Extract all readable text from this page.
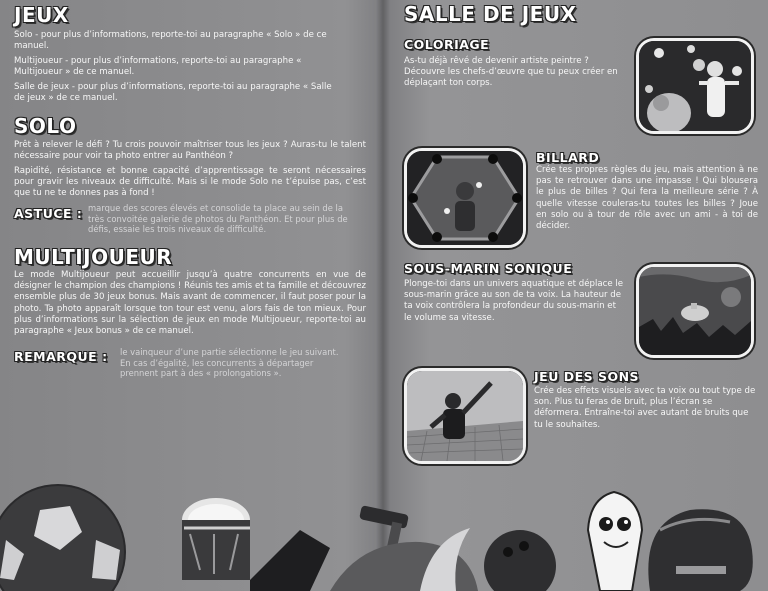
JEUX
Solo - pour plus d’informations, reporte-toi au paragraphe « Solo » de ce manuel.
Multijoueur - pour plus d’informations, reporte-toi au paragraphe « Multijoueur » de ce manuel.
Salle de jeux - pour plus d’informations, reporte-toi au paragraphe « Salle de jeux » de ce manuel.
SOLO
Prêt à relever le défi ? Tu crois pouvoir maîtriser tous les jeux ? Auras-tu le talent nécessaire pour voir ta photo entrer au Panthéon ?
Rapidité, résistance et bonne capacité d’apprentissage te seront nécessaires pour gravir les niveaux de difficulté. Mais si le mode Solo ne t’épuise pas, c’est que tu ne te donnes pas à fond !
ASTUCE : marque des scores élevés et consolide ta place au sein de la très convoitée galerie de photos du Panthéon. Et pour plus de défis, essaie les trois niveaux de difficulté.
MULTIJOUEUR
Le mode Multijoueur peut accueillir jusqu’à quatre concurrents en vue de désigner le champion des champions ! Réunis tes amis et ta famille et découvrez ensemble plus de 30 jeux bonus. Mais avant de commencer, il faut poser pour la photo. Ta photo apparaît lorsque ton tour est venu, alors fais de ton mieux. Pour plus d’informations sur la sélection de jeux en mode Multijoueur, reporte-toi au paragraphe « Jeux bonus » de ce manuel.
REMARQUE : le vainqueur d’une partie sélectionne le jeu suivant. En cas d’égalité, les concurrents à départager prennent part à des « prolongations ».
SALLE DE JEUX
COLORIAGE
As-tu déjà rêvé de devenir artiste peintre ? Découvre les chefs-d’œuvre que tu peux créer en déplaçant ton corps.
BILLARD
Crée tes propres règles du jeu, mais attention à ne pas te retrouver dans une impasse ! Qui blousera le plus de billes ? Qui fera la meilleure série ? À quelle vitesse couleras-tu toutes les billes ? Joue en solo ou à tour de rôle avec un ami - à toi de décider.
SOUS-MARIN SONIQUE
Plonge-toi dans un univers aquatique et déplace le sous-marin grâce au son de ta voix. La hauteur de ta voix contrôlera la profondeur du sous-marin et le volume sa vitesse.
JEU DES SONS
Crée des effets visuels avec ta voix ou tout type de son. Plus tu feras de bruit, plus l’écran se déformera. Entraîne-toi avec autant de bruits que tu le souhaites.
